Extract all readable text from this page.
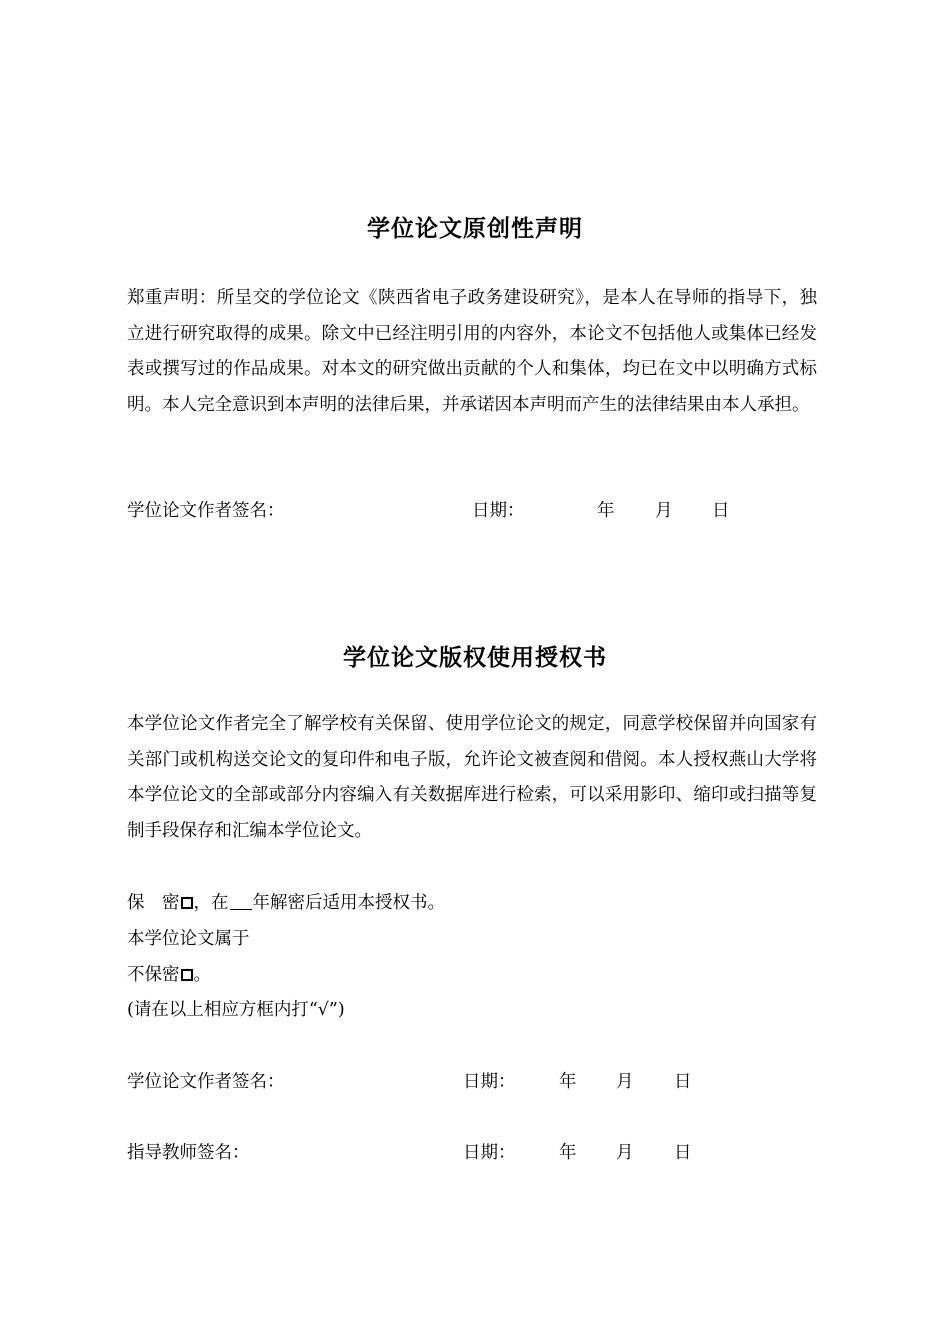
学位论文原创性声明

郑重声明：所呈交的学位论文《陕西省电子政务建设研究》，是本人在导师的指导下，独立进行研究取得的成果。除文中已经注明引用的内容外，本论文不包括他人或集体已经发表或撰写过的作品成果。对本文的研究做出贡献的个人和集体，均已在文中以明确方式标明。本人完全意识到本声明的法律后果，并承诺因本声明而产生的法律结果由本人承担。

学位论文作者签名：	日期：	年 月 日
学位论文版权使用授权书

本学位论文作者完全了解学校有关保留、使用学位论文的规定，同意学校保留并向国家有关部门或机构送交论文的复印件和电子版，允许论文被查阅和借阅。本人授权燕山大学将本学位论文的全部或部分内容编入有关数据库进行检索，可以采用影印、缩印或扫描等复制手段保存和汇编本学位论文。

保　密 ，在 年解密后适用本授权书。
本学位论文属于
不保密 。
(请在以上相应方框内打“√”)
学位论文作者签名：	日期： 年 月 日
指导教师签名：	日期： 年 月 日
